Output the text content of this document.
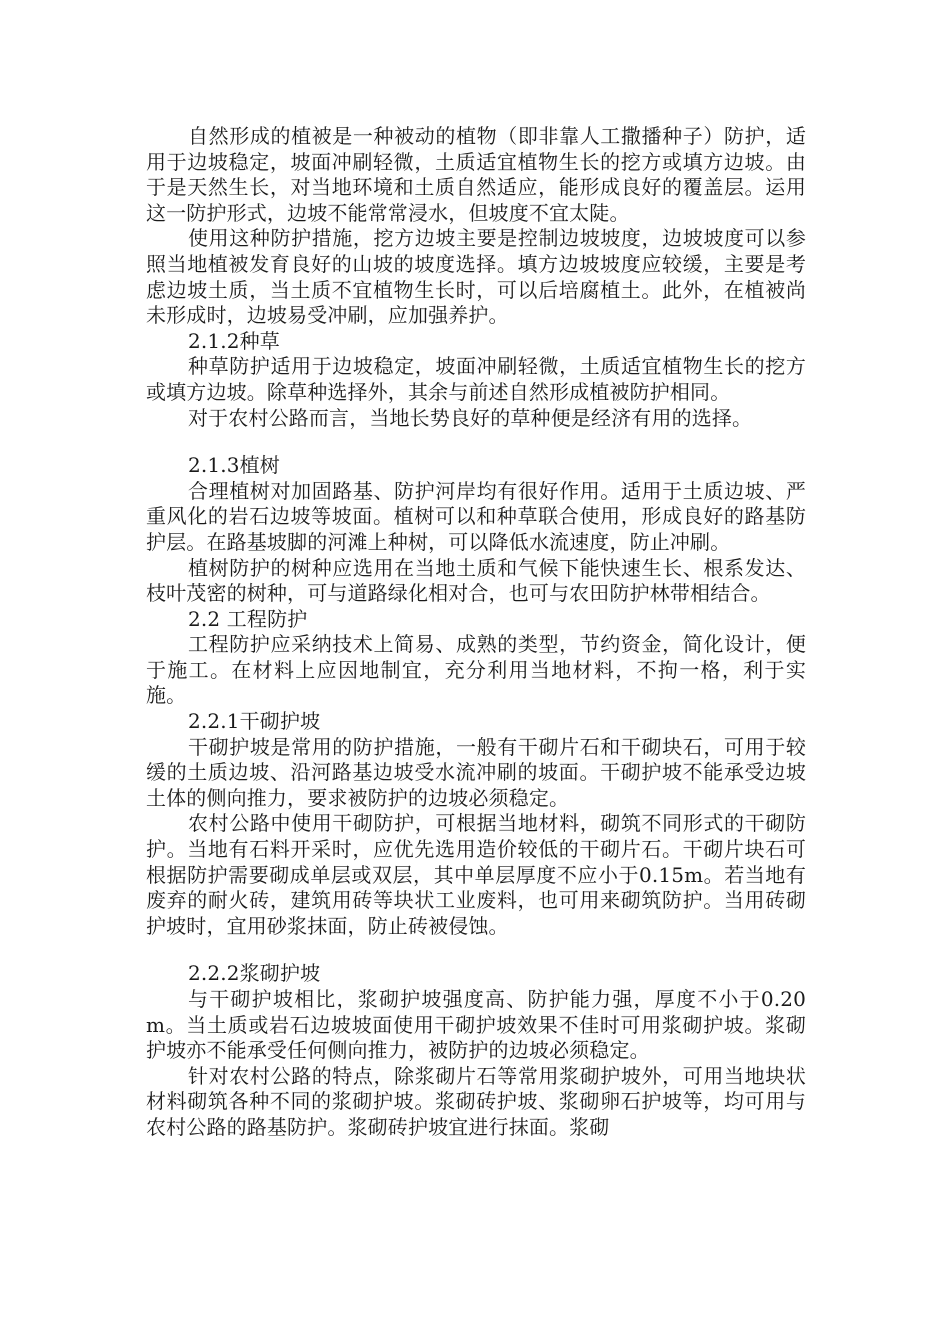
自然形成的植被是一种被动的植物（即非靠人工撒播种子）防护，适用于边坡稳定，坡面冲刷轻微，土质适宜植物生长的挖方或填方边坡。由于是天然生长，对当地环境和土质自然适应，能形成良好的覆盖层。运用这一防护形式，边坡不能常常浸水，但坡度不宜太陡。

使用这种防护措施，挖方边坡主要是控制边坡坡度，边坡坡度可以参照当地植被发育良好的山坡的坡度选择。填方边坡坡度应较缓，主要是考虑边坡土质，当土质不宜植物生长时，可以后培腐植土。此外，在植被尚未形成时，边坡易受冲刷，应加强养护。

2.1.2种草

种草防护适用于边坡稳定，坡面冲刷轻微，土质适宜植物生长的挖方或填方边坡。除草种选择外，其余与前述自然形成植被防护相同。

对于农村公路而言，当地长势良好的草种便是经济有用的选择。

2.1.3植树

合理植树对加固路基、防护河岸均有很好作用。适用于土质边坡、严重风化的岩石边坡等坡面。植树可以和种草联合使用，形成良好的路基防护层。在路基坡脚的河滩上种树，可以降低水流速度，防止冲刷。

植树防护的树种应选用在当地土质和气候下能快速生长、根系发达、枝叶茂密的树种，可与道路绿化相对合，也可与农田防护林带相结合。

2.2 工程防护

工程防护应采纳技术上简易、成熟的类型，节约资金，简化设计，便于施工。在材料上应因地制宜，充分利用当地材料，不拘一格，利于实施。

2.2.1干砌护坡

干砌护坡是常用的防护措施，一般有干砌片石和干砌块石，可用于较缓的土质边坡、沿河路基边坡受水流冲刷的坡面。干砌护坡不能承受边坡土体的侧向推力，要求被防护的边坡必须稳定。

农村公路中使用干砌防护，可根据当地材料，砌筑不同形式的干砌防护。当地有石料开采时，应优先选用造价较低的干砌片石。干砌片块石可根据防护需要砌成单层或双层，其中单层厚度不应小于0.15m。若当地有废弃的耐火砖，建筑用砖等块状工业废料，也可用来砌筑防护。当用砖砌护坡时，宜用砂浆抹面，防止砖被侵蚀。

2.2.2浆砌护坡

与干砌护坡相比，浆砌护坡强度高、防护能力强，厚度不小于0.20m。当土质或岩石边坡坡面使用干砌护坡效果不佳时可用浆砌护坡。浆砌护坡亦不能承受任何侧向推力，被防护的边坡必须稳定。

针对农村公路的特点，除浆砌片石等常用浆砌护坡外，可用当地块状材料砌筑各种不同的浆砌护坡。浆砌砖护坡、浆砌卵石护坡等，均可用与农村公路的路基防护。浆砌砖护坡宜进行抹面。浆砌
